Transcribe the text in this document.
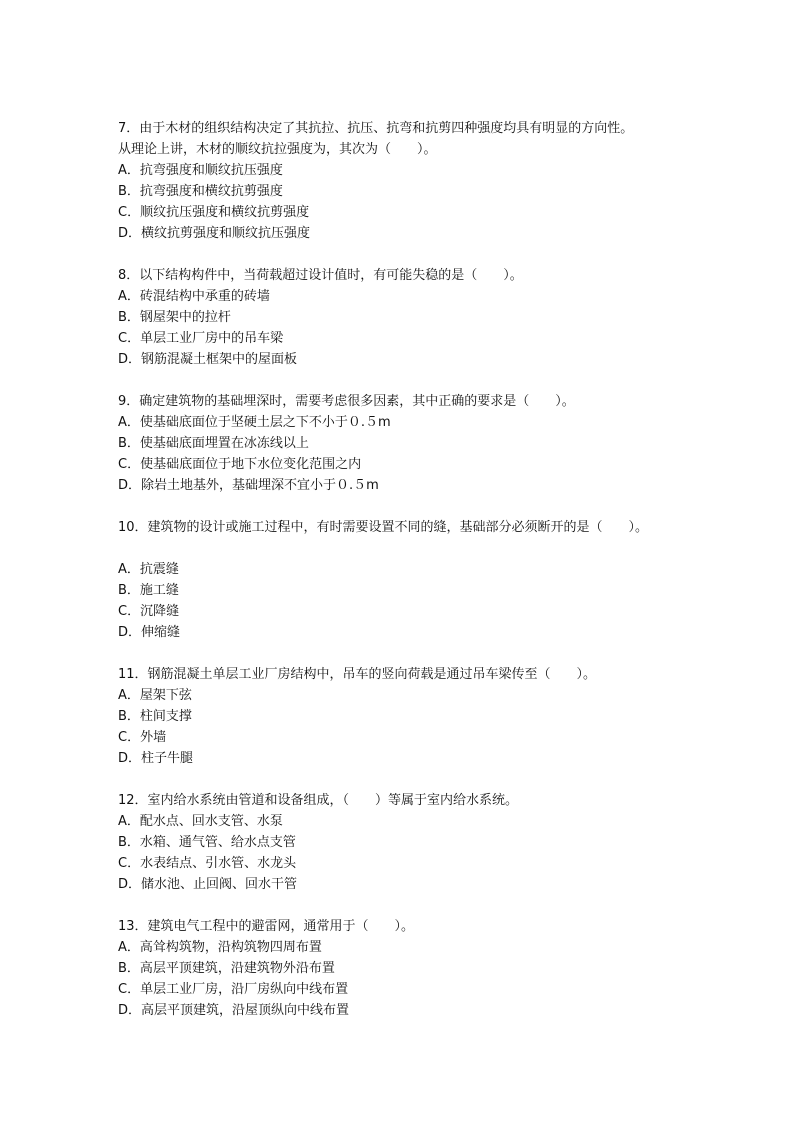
7．由于木材的组织结构决定了其抗拉、抗压、抗弯和抗剪四种强度均具有明显的方向性。
从理论上讲，木材的顺纹抗拉强度为，其次为（　　）。
A．抗弯强度和顺纹抗压强度
B．抗弯强度和横纹抗剪强度
C．顺纹抗压强度和横纹抗剪强度
D．横纹抗剪强度和顺纹抗压强度
8．以下结构构件中，当荷载超过设计值时，有可能失稳的是（　　）。
A．砖混结构中承重的砖墙
B．钢屋架中的拉杆
C．单层工业厂房中的吊车梁
D．钢筋混凝土框架中的屋面板
9．确定建筑物的基础埋深时，需要考虑很多因素，其中正确的要求是（　　）。
A．使基础底面位于坚硬土层之下不小于０.５m
B．使基础底面埋置在冰冻线以上
C．使基础底面位于地下水位变化范围之内
D．除岩土地基外，基础埋深不宜小于０.５m
10．建筑物的设计或施工过程中，有时需要设置不同的缝，基础部分必须断开的是（　　）。
A．抗震缝
B．施工缝
C．沉降缝
D．伸缩缝
11．钢筋混凝土单层工业厂房结构中，吊车的竖向荷载是通过吊车梁传至（　　）。
A．屋架下弦
B．柱间支撑
C．外墙
D．柱子牛腿
12．室内给水系统由管道和设备组成，（　　）等属于室内给水系统。
A．配水点、回水支管、水泵
B．水箱、通气管、给水点支管
C．水表结点、引水管、水龙头
D．储水池、止回阀、回水干管
13．建筑电气工程中的避雷网，通常用于（　　）。
A．高耸构筑物，沿构筑物四周布置
B．高层平顶建筑，沿建筑物外沿布置
C．单层工业厂房，沿厂房纵向中线布置
D．高层平顶建筑，沿屋顶纵向中线布置
